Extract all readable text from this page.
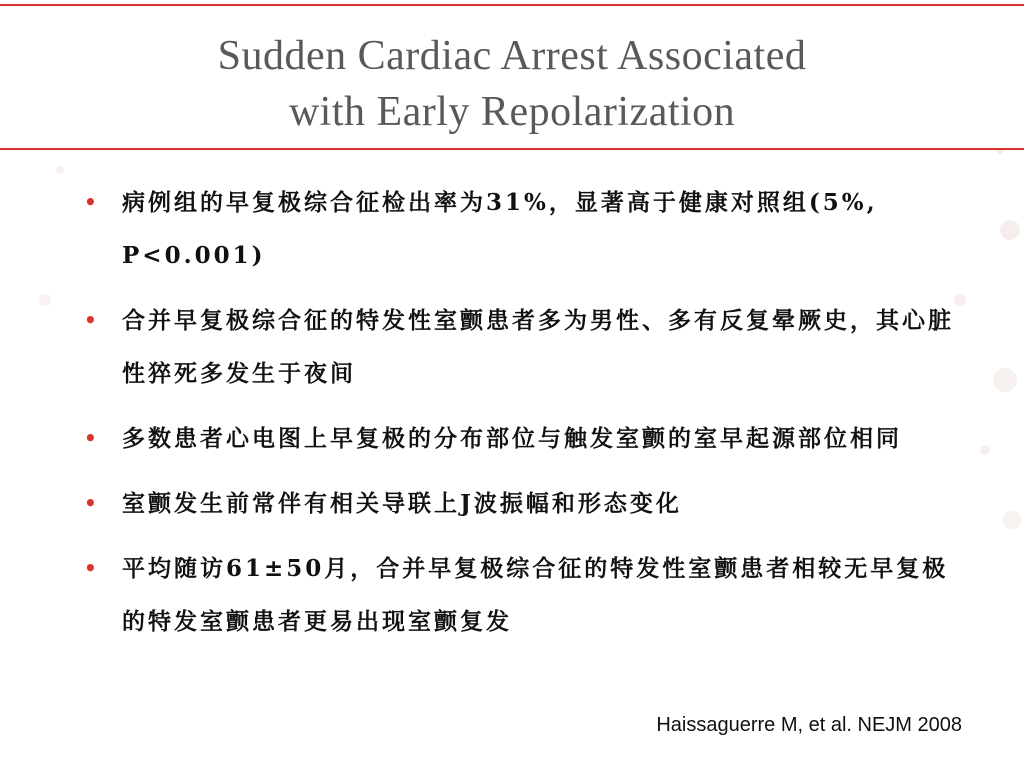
Sudden Cardiac Arrest Associated
with Early Repolarization
• 病例组的早复极综合征检出率为31%，显著高于健康对照组(5%, P<0.001)
• 合并早复极综合征的特发性室颤患者多为男性、多有反复晕厥史，其心脏性猝死多发生于夜间
• 多数患者心电图上早复极的分布部位与触发室颤的室早起源部位相同
• 室颤发生前常伴有相关导联上J波振幅和形态变化
• 平均随访61±50月，合并早复极综合征的特发性室颤患者相较无早复极的特发室颤患者更易出现室颤复发
Haissaguerre M, et al. NEJM 2008
